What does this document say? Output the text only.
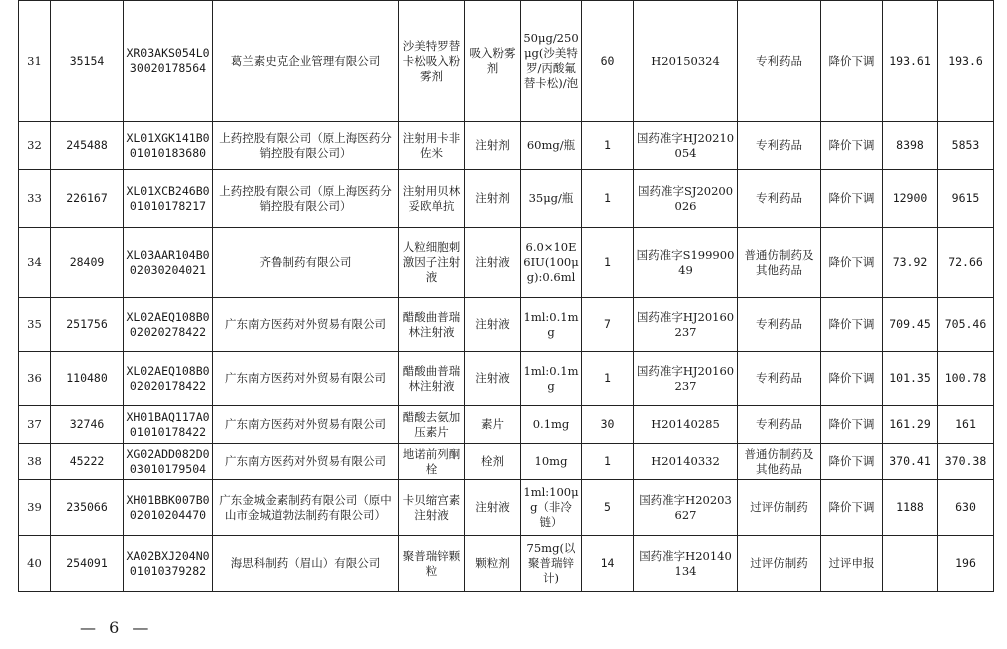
31	35154	XR03AKS054L030020178564	葛兰素史克企业管理有限公司	沙美特罗替卡松吸入粉雾剂	吸入粉雾剂	50μg/250μg(沙美特罗/丙酸氟替卡松)/泡	60	H20150324	专利药品	降价下调	193.61	193.6
32	245488	XL01XGK141B001010183680	上药控股有限公司（原上海医药分销控股有限公司）	注射用卡非佐米	注射剂	60mg/瓶	1	国药准字HJ20210054	专利药品	降价下调	8398	5853
33	226167	XL01XCB246B001010178217	上药控股有限公司（原上海医药分销控股有限公司）	注射用贝林妥欧单抗	注射剂	35μg/瓶	1	国药准字SJ20200026	专利药品	降价下调	12900	9615
34	28409	XL03AAR104B002030204021	齐鲁制药有限公司	人粒细胞刺激因子注射液	注射液	6.0×10E6IU(100μg):0.6ml	1	国药准字S19990049	普通仿制药及其他药品	降价下调	73.92	72.66
35	251756	XL02AEQ108B002020278422	广东南方医药对外贸易有限公司	醋酸曲普瑞林注射液	注射液	1ml:0.1mg	7	国药准字HJ20160237	专利药品	降价下调	709.45	705.46
36	110480	XL02AEQ108B002020178422	广东南方医药对外贸易有限公司	醋酸曲普瑞林注射液	注射液	1ml:0.1mg	1	国药准字HJ20160237	专利药品	降价下调	101.35	100.78
37	32746	XH01BAQ117A001010178422	广东南方医药对外贸易有限公司	醋酸去氨加压素片	素片	0.1mg	30	H20140285	专利药品	降价下调	161.29	161
38	45222	XG02ADD082D003010179504	广东南方医药对外贸易有限公司	地诺前列酮栓	栓剂	10mg	1	H20140332	普通仿制药及其他药品	降价下调	370.41	370.38
39	235066	XH01BBK007B002010204470	广东金城金素制药有限公司（原中山市金城道勃法制药有限公司）	卡贝缩宫素注射液	注射液	1ml:100μg（非冷链）	5	国药准字H20203627	过评仿制药	降价下调	1188	630
40	254091	XA02BXJ204N001010379282	海思科制药（眉山）有限公司	聚普瑞锌颗粒	颗粒剂	75mg(以聚普瑞锌计)	14	国药准字H20140134	过评仿制药	过评申报		196
— 6 —
